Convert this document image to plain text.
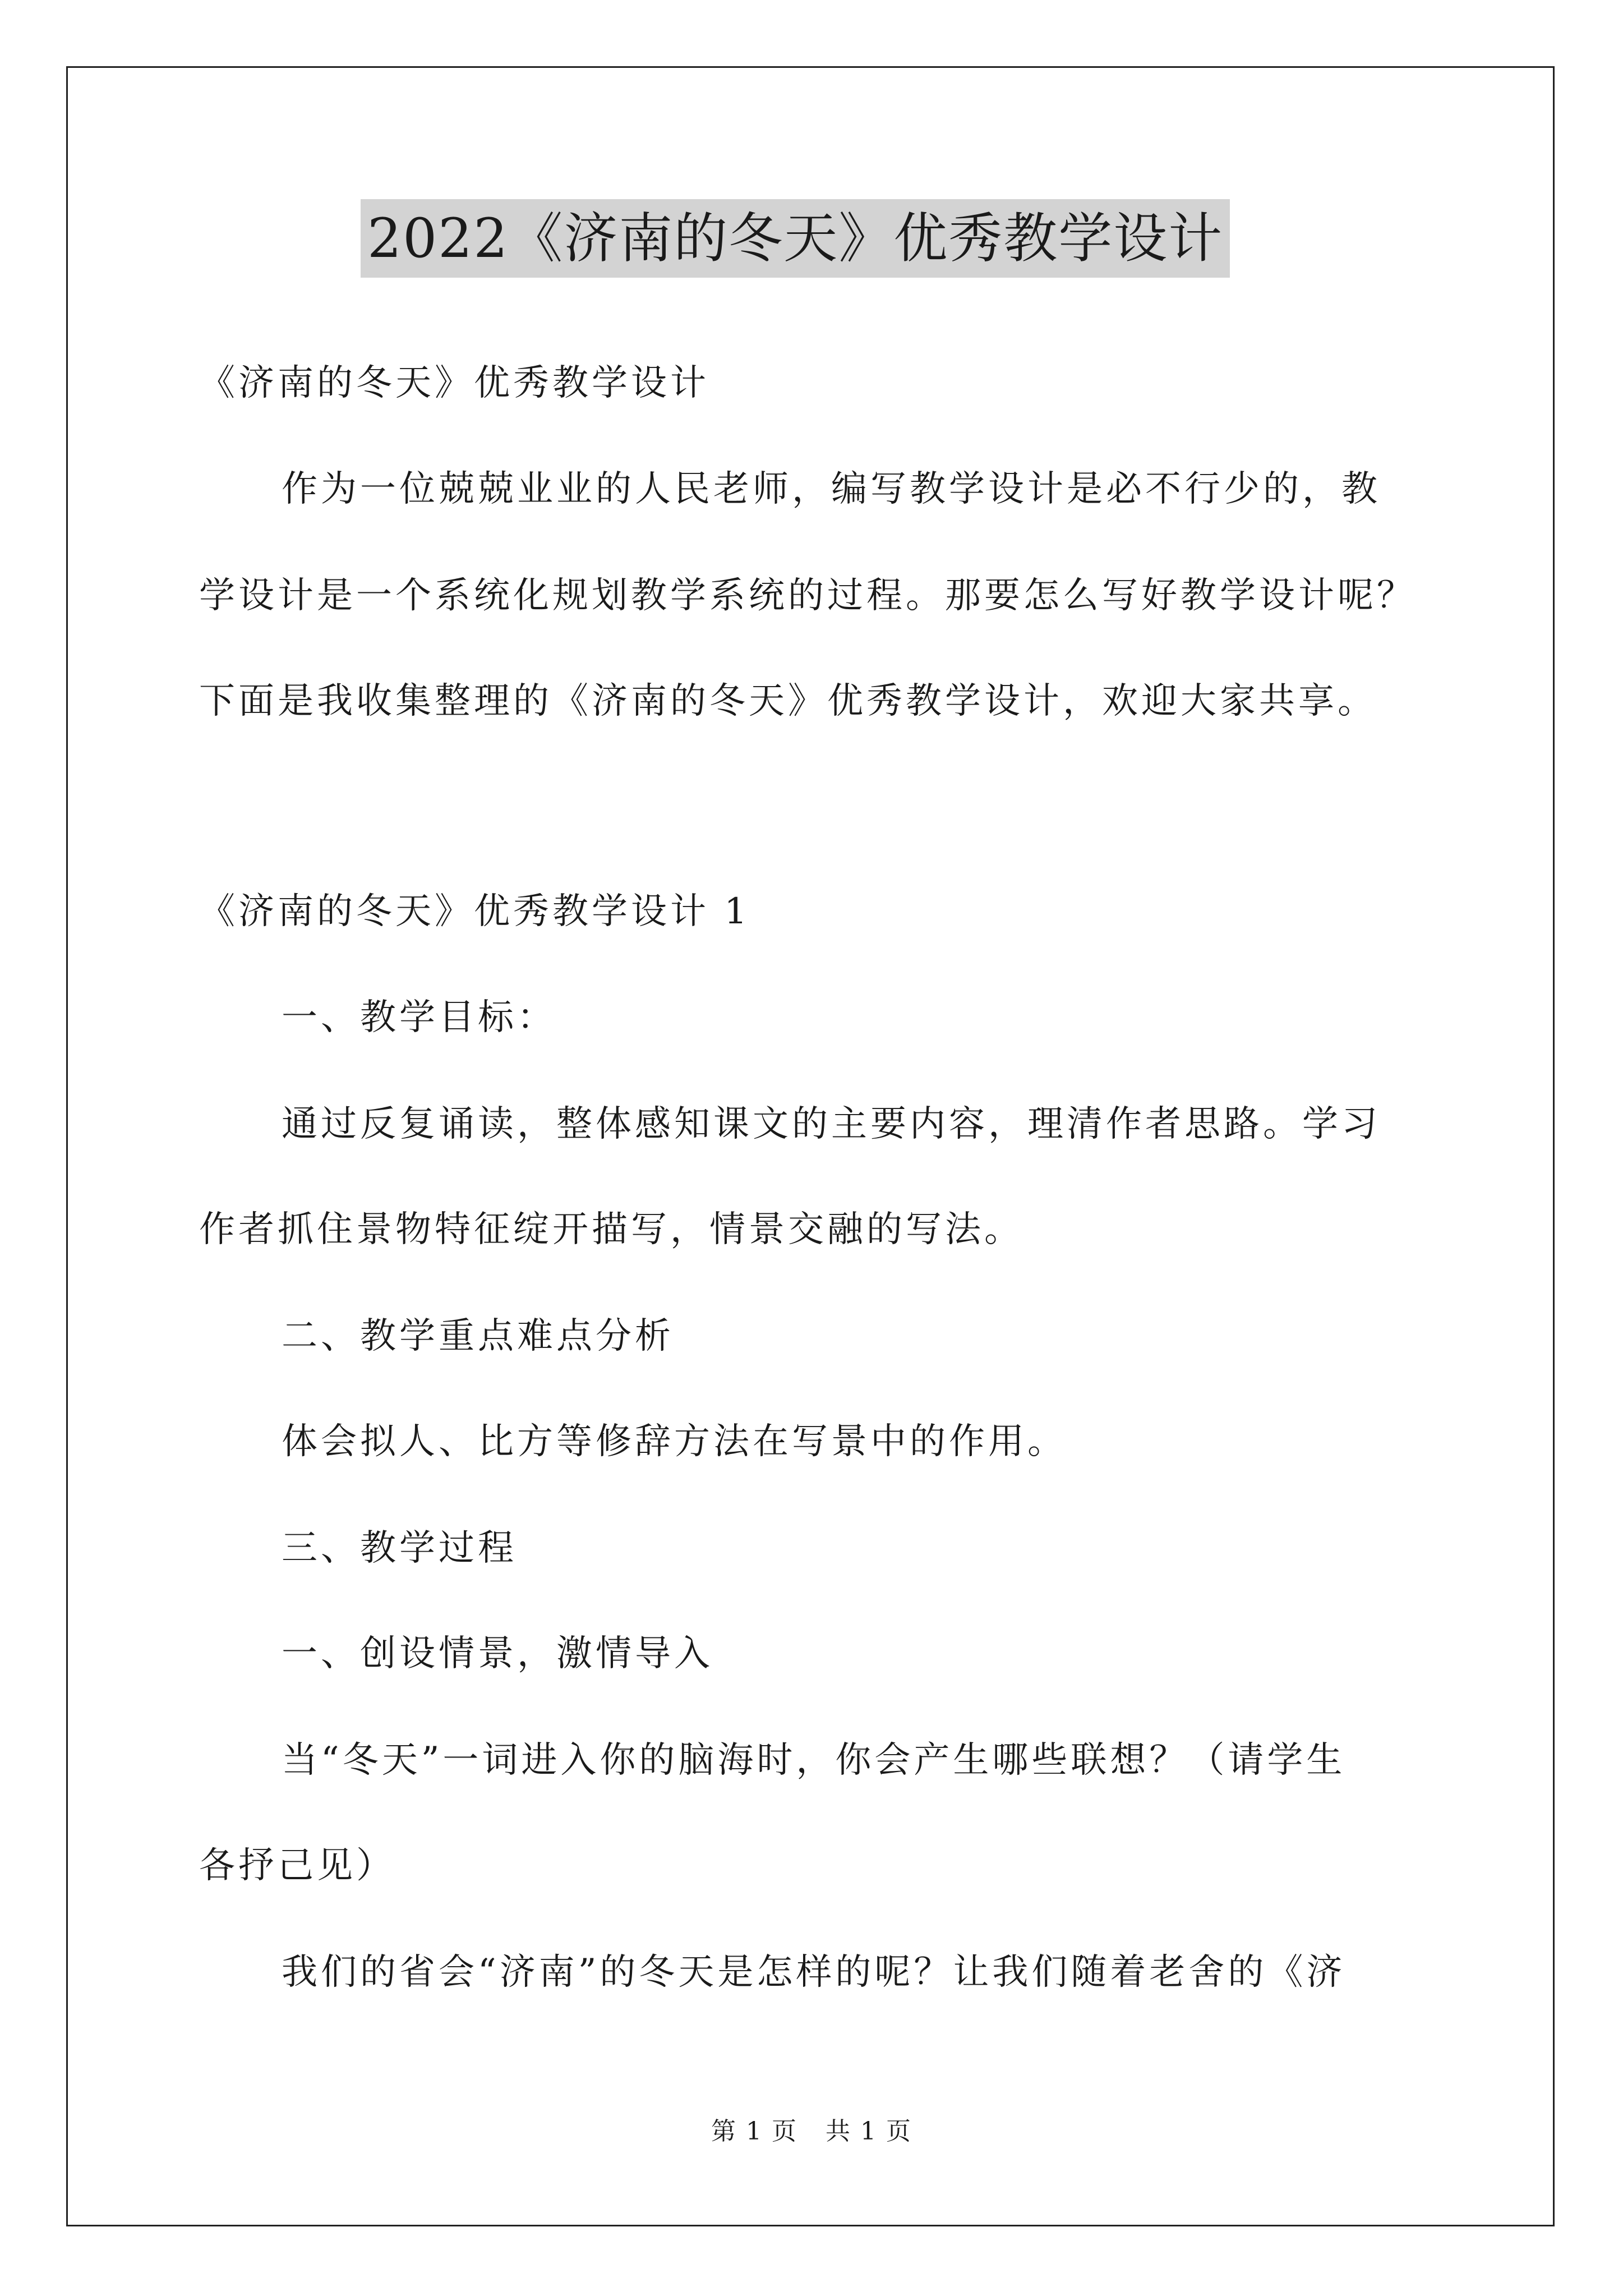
2022《济南的冬天》优秀教学设计
《济南的冬天》优秀教学设计
作为一位兢兢业业的人民老师，编写教学设计是必不行少的，教
学设计是一个系统化规划教学系统的过程。那要怎么写好教学设计呢？
下面是我收集整理的《济南的冬天》优秀教学设计，欢迎大家共享。
《济南的冬天》优秀教学设计 1
一、教学目标：
通过反复诵读，整体感知课文的主要内容，理清作者思路。学习
作者抓住景物特征绽开描写，情景交融的写法。
二、教学重点难点分析
体会拟人、比方等修辞方法在写景中的作用。
三、教学过程
一、创设情景，激情导入
当“冬天”一词进入你的脑海时，你会产生哪些联想？（请学生
各抒己见）
我们的省会“济南”的冬天是怎样的呢？让我们随着老舍的《济
第 1 页 共 1 页
